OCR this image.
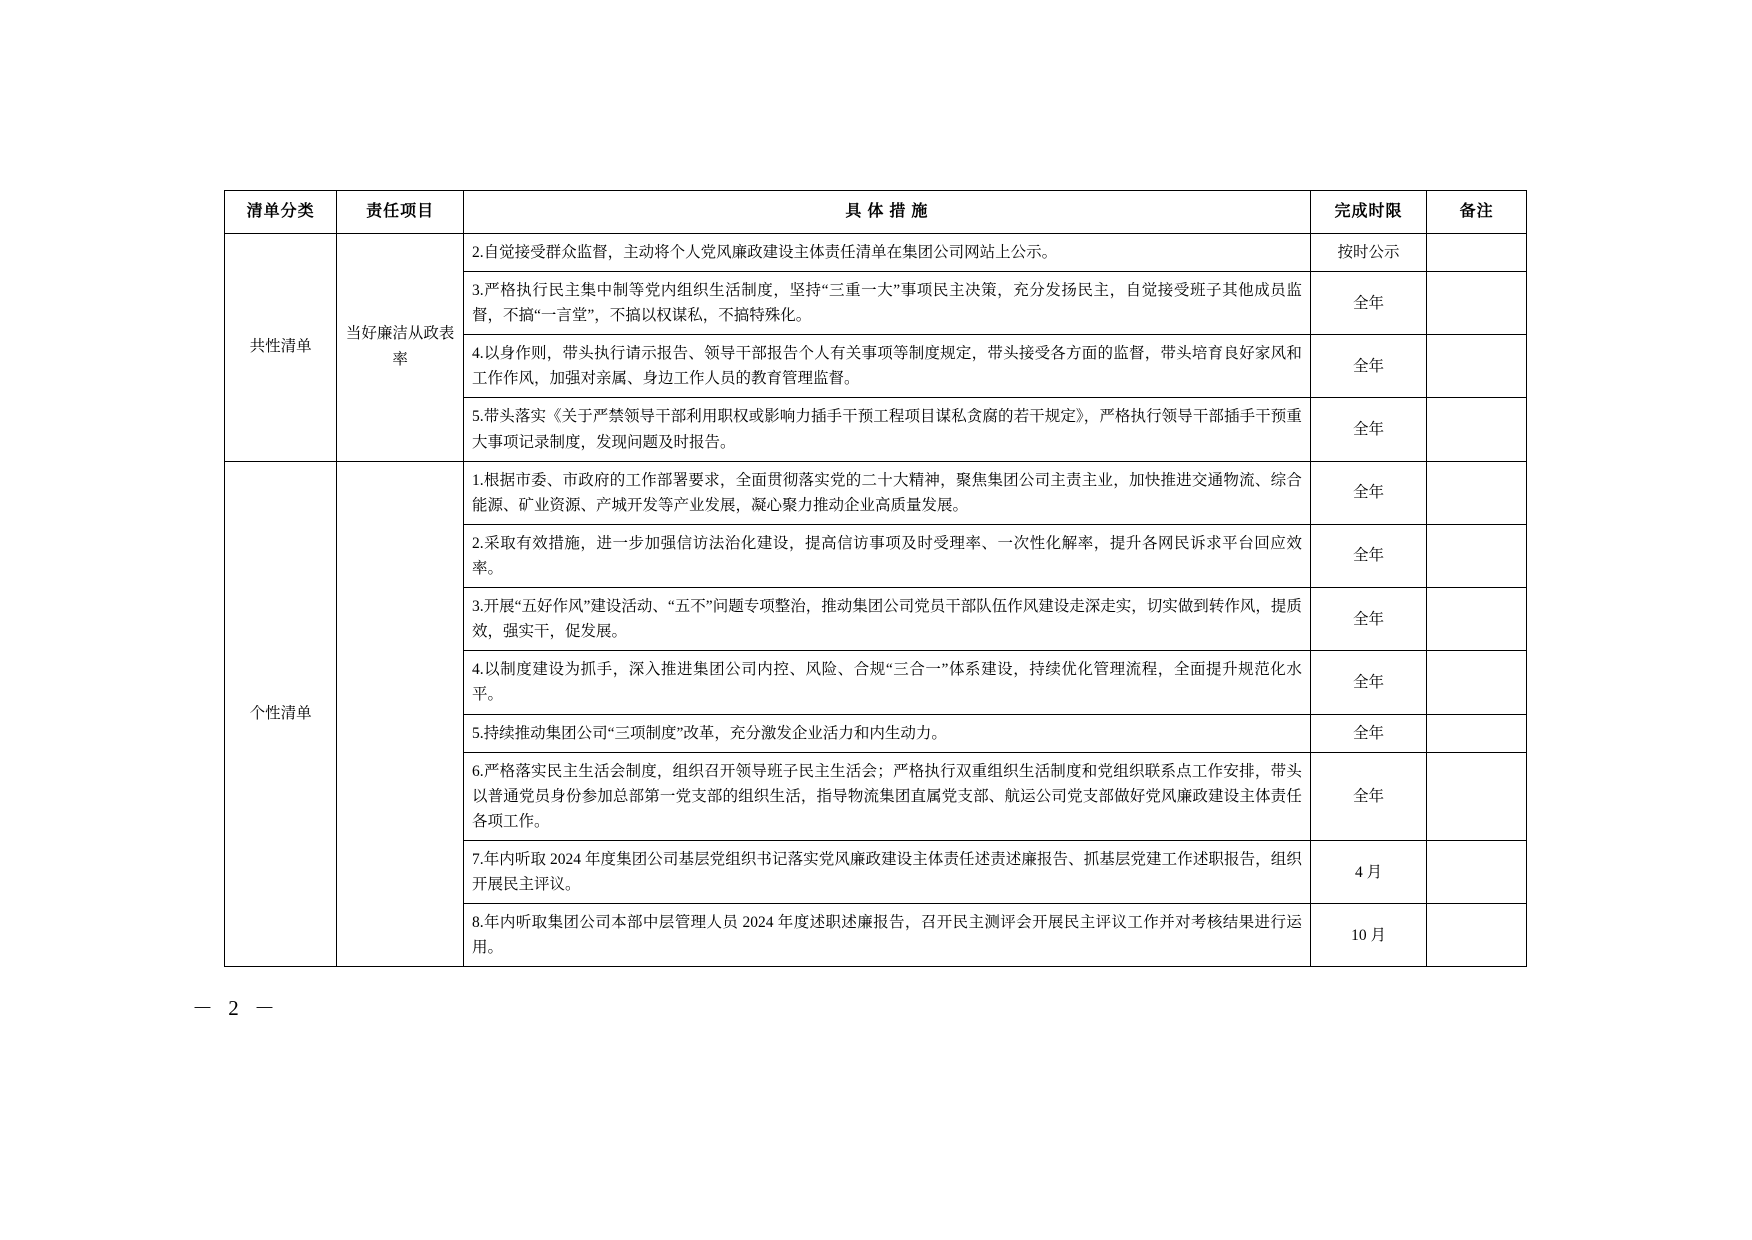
清单分类	责任项目	具 体 措 施	完成时限	备注
共性清单	当好廉洁从政表率	2.自觉接受群众监督，主动将个人党风廉政建设主体责任清单在集团公司网站上公示。	按时公示	
		3.严格执行民主集中制等党内组织生活制度，坚持“三重一大”事项民主决策，充分发扬民主，自觉接受班子其他成员监督，不搞“一言堂”，不搞以权谋私，不搞特殊化。	全年	
		4.以身作则，带头执行请示报告、领导干部报告个人有关事项等制度规定，带头接受各方面的监督，带头培育良好家风和工作作风，加强对亲属、身边工作人员的教育管理监督。	全年	
		5.带头落实《关于严禁领导干部利用职权或影响力插手干预工程项目谋私贪腐的若干规定》，严格执行领导干部插手干预重大事项记录制度，发现问题及时报告。	全年	
个性清单		1.根据市委、市政府的工作部署要求，全面贯彻落实党的二十大精神，聚焦集团公司主责主业，加快推进交通物流、综合能源、矿业资源、产城开发等产业发展，凝心聚力推动企业高质量发展。	全年	
		2.采取有效措施，进一步加强信访法治化建设，提高信访事项及时受理率、一次性化解率，提升各网民诉求平台回应效率。	全年	
		3.开展“五好作风”建设活动、“五不”问题专项整治，推动集团公司党员干部队伍作风建设走深走实，切实做到转作风，提质效，强实干，促发展。	全年	
		4.以制度建设为抓手，深入推进集团公司内控、风险、合规“三合一”体系建设，持续优化管理流程，全面提升规范化水平。	全年	
		5.持续推动集团公司“三项制度”改革，充分激发企业活力和内生动力。	全年	
		6.严格落实民主生活会制度，组织召开领导班子民主生活会；严格执行双重组织生活制度和党组织联系点工作安排，带头以普通党员身份参加总部第一党支部的组织生活，指导物流集团直属党支部、航运公司党支部做好党风廉政建设主体责任各项工作。	全年	
		7.年内听取 2024 年度集团公司基层党组织书记落实党风廉政建设主体责任述责述廉报告、抓基层党建工作述职报告，组织开展民主评议。	4 月	
		8.年内听取集团公司本部中层管理人员 2024 年度述职述廉报告，召开民主测评会开展民主评议工作并对考核结果进行运用。	10 月	
－ 2 －
